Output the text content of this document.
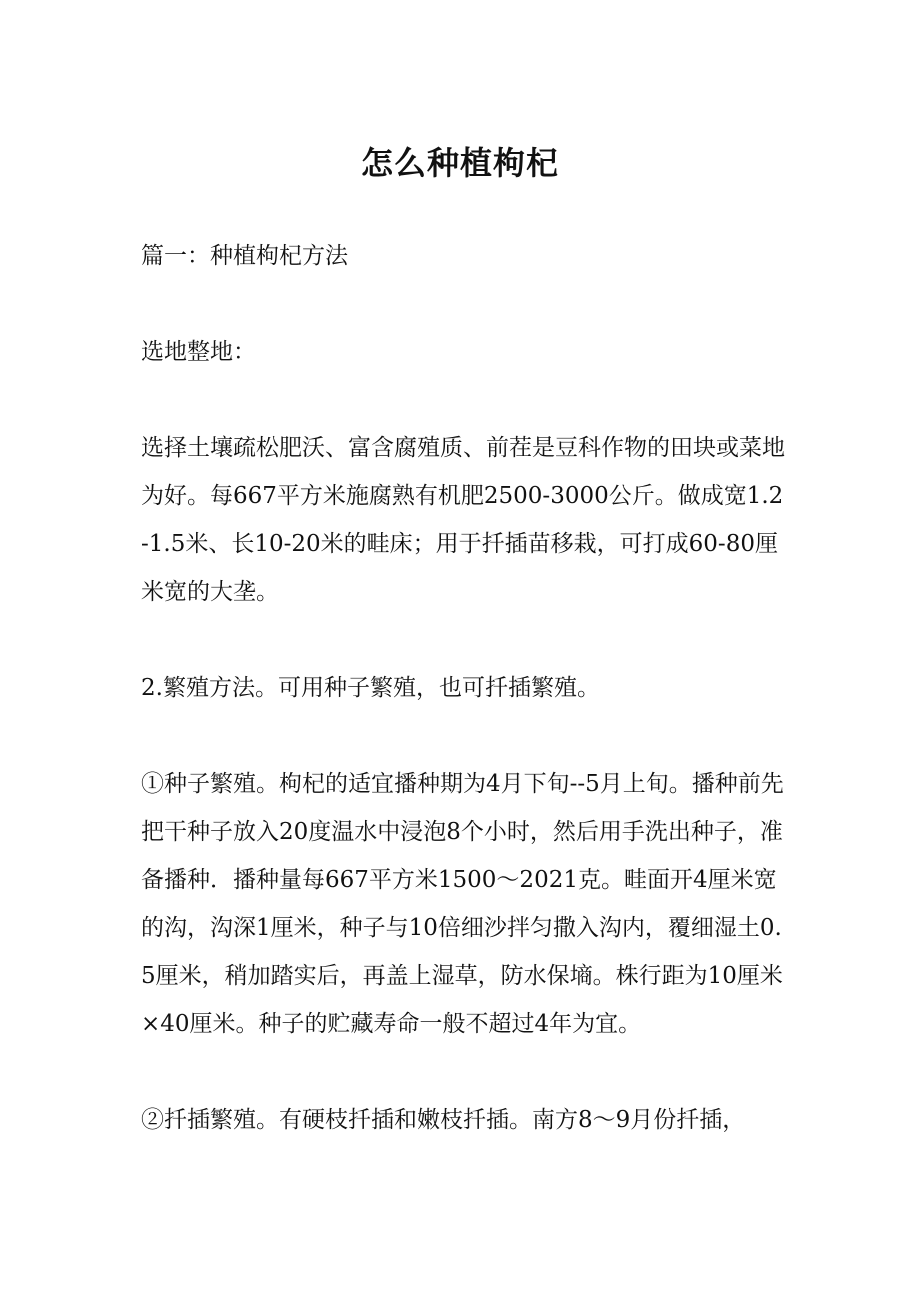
怎么种植枸杞

篇一：种植枸杞方法

选地整地：

选择土壤疏松肥沃、富含腐殖质、前茬是豆科作物的田块或菜地为好。每667平方米施腐熟有机肥2500-3000公斤。做成宽1.2-1.5米、长10-20米的畦床；用于扦插苗移栽，可打成60-80厘米宽的大垄。

2.繁殖方法。可用种子繁殖，也可扦插繁殖。

①种子繁殖。枸杞的适宜播种期为4月下旬--5月上旬。播种前先把干种子放入20度温水中浸泡8个小时，然后用手洗出种子，准备播种．播种量每667平方米1500～2021克。畦面开4厘米宽的沟，沟深1厘米，种子与10倍细沙拌匀撒入沟内，覆细湿土0.5厘米，稍加踏实后，再盖上湿草，防水保墒。株行距为10厘米×40厘米。种子的贮藏寿命一般不超过4年为宜。

②扦插繁殖。有硬枝扦插和嫩枝扦插。南方8～9月份扦插，
